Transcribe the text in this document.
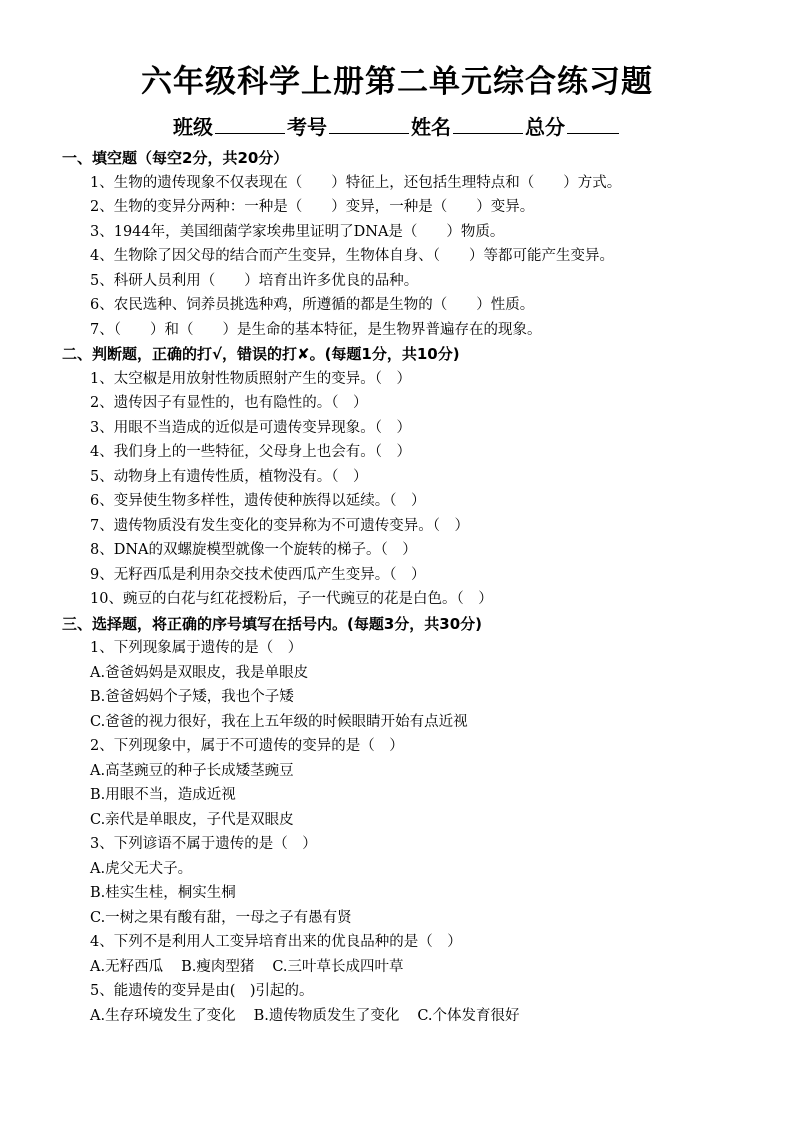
六年级科学上册第二单元综合练习题
班级	考号	姓名	总分
一、填空题（每空2分，共20分）
1、生物的遗传现象不仅表现在（　　）特征上，还包括生理特点和（　　）方式。
2、生物的变异分两种：一种是（　　）变异，一种是（　　）变异。
3、1944年，美国细菌学家埃弗里证明了DNA是（　　）物质。
4、生物除了因父母的结合而产生变异，生物体自身、（　　）等都可能产生变异。
5、科研人员利用（　　）培育出许多优良的品种。
6、农民选种、饲养员挑选种鸡，所遵循的都是生物的（　　）性质。
7、（　　）和（　　）是生命的基本特征，是生物界普遍存在的现象。
二、判断题，正确的打√，错误的打✘。(每题1分，共10分)
1、太空椒是用放射性物质照射产生的变异。（　）
2、遗传因子有显性的，也有隐性的。（　）
3、用眼不当造成的近似是可遗传变异现象。（　）
4、我们身上的一些特征，父母身上也会有。（　）
5、动物身上有遗传性质，植物没有。（　）
6、变异使生物多样性，遗传使种族得以延续。（　）
7、遗传物质没有发生变化的变异称为不可遗传变异。（　）
8、DNA的双螺旋模型就像一个旋转的梯子。（　）
9、无籽西瓜是利用杂交技术使西瓜产生变异。（　）
10、豌豆的白花与红花授粉后，子一代豌豆的花是白色。（　）
三、选择题，将正确的序号填写在括号内。(每题3分，共30分)
1、下列现象属于遗传的是（　）
A.爸爸妈妈是双眼皮，我是单眼皮
B.爸爸妈妈个子矮，我也个子矮
C.爸爸的视力很好，我在上五年级的时候眼睛开始有点近视
2、下列现象中，属于不可遗传的变异的是（　）
A.高茎豌豆的种子长成矮茎豌豆
B.用眼不当，造成近视
C.亲代是单眼皮，子代是双眼皮
3、下列谚语不属于遗传的是（　）
A.虎父无犬子。
B.桂实生桂，桐实生桐
C.一树之果有酸有甜，一母之子有愚有贤
4、下列不是利用人工变异培育出来的优良品种的是（　）
A.无籽西瓜 B.瘦肉型猪 C.三叶草长成四叶草
5、能遗传的变异是由(　)引起的。
A.生存环境发生了变化 B.遗传物质发生了变化 C.个体发育很好
